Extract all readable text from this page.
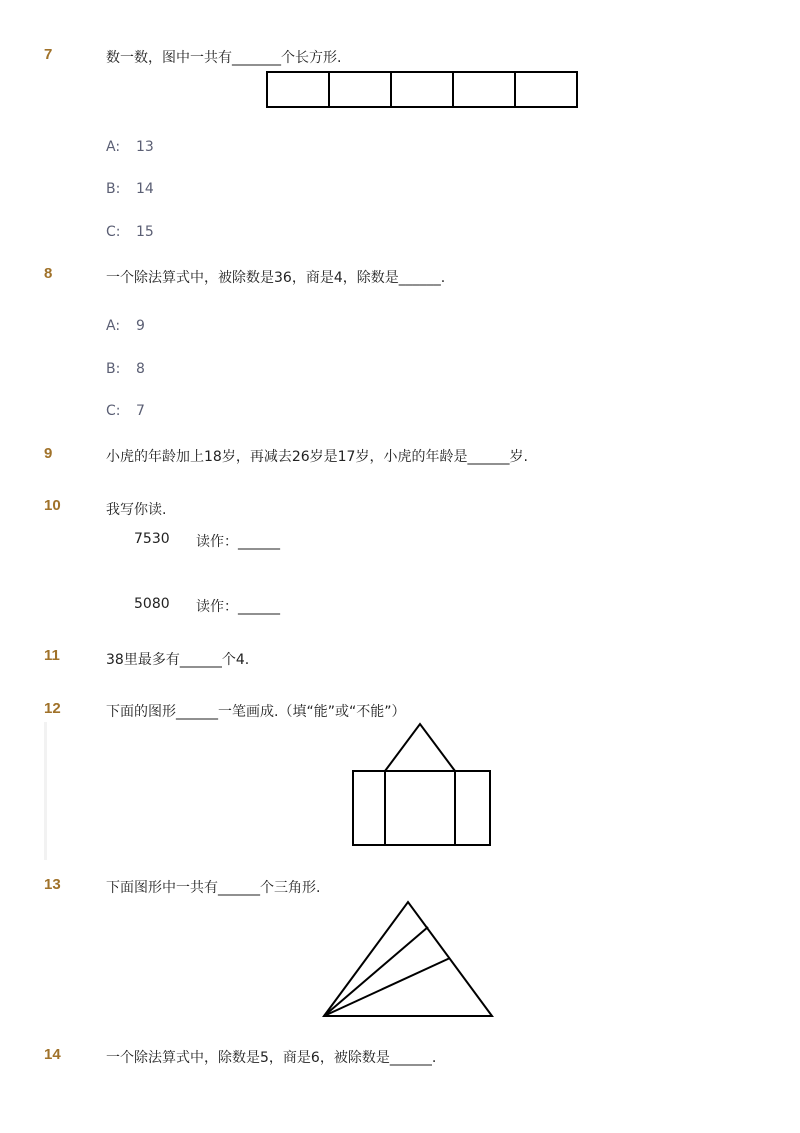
7	数一数，图中一共有_______个长方形.
A: 13
B: 14
C: 15
8	一个除法算式中，被除数是36，商是4，除数是______.
A: 9
B: 8
C: 7
9	小虎的年龄加上18岁，再减去26岁是17岁，小虎的年龄是______岁.
10	我写你读.
7530 读作：______
5080 读作：______
11	38里最多有______个4.
12	下面的图形______一笔画成.（填“能”或“不能”）
13	下面图形中一共有______个三角形.
14	一个除法算式中，除数是5，商是6，被除数是______.
